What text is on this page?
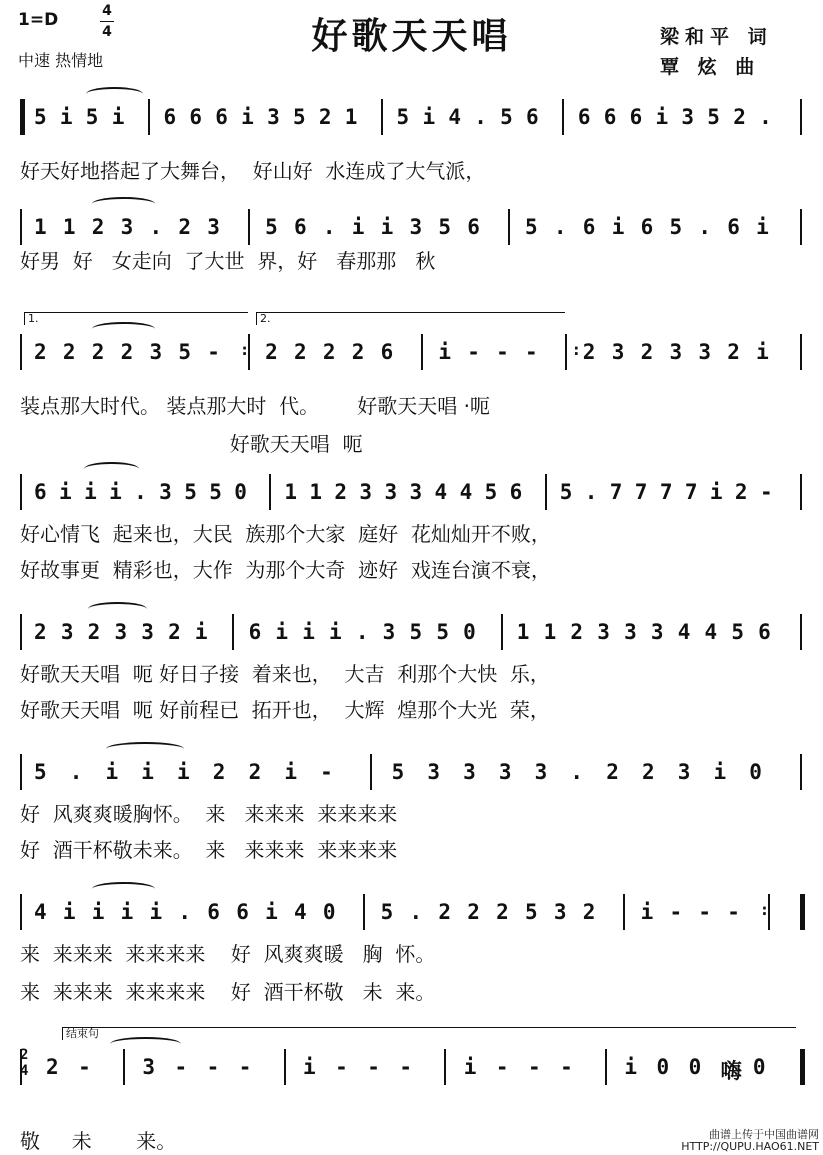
好歌天天唱
1=D	4
4
中速 热情地
梁和平 词
覃 炫 曲
5 i 5 i 6 6 6 i 3 5 2 1 5 i 4 . 5 6 6 6 6 i 3 5 2 .
好天好地搭起了大舞台，  好山好  水连成了大气派，
1 1 2 3 . 2 3 5 6 . i i 3 5 6 5 . 6 i 6 5 . 6 i
好男  好   女走向  了大世  界，好   春那那   秋
2 2 2 2 3 5 - : 2 2 2 2 6 i - - - : 2 3 2 3 3 2 i
1.	2.
装点那大时代。 装点那大时  代。      好歌天天唱 ·呃
好歌天天唱  呃
6 i i i . 3 5 5 0 1 1 2 3 3 3 4 4 5 6 5 . 7 7 7 7 i 2 -
好心情飞  起来也，大民  族那个大家  庭好  花灿灿开不败，
好故事更  精彩也，大作  为那个大奇  迹好  戏连台演不衰，
2 3 2 3 3 2 i 6 i i i . 3 5 5 0 1 1 2 3 3 3 4 4 5 6
好歌天天唱  呃 好日子接  着来也，  大吉  利那个大快  乐，
好歌天天唱  呃 好前程已  拓开也，  大辉  煌那个大光  荣，
5 . i i i 2 2 i -	5 3 3 3 3 . 2 2 3 i 0
好  风爽爽暖胸怀。  来   来来来  来来来来
好  酒干杯敬未来。  来   来来来  来来来来
4 i i i i . 6 6 i 4 0 5 . 2 2 2 5 3 2 i - - - :
来  来来来  来来来来    好  风爽爽暖   胸  怀。
来  来来来  来来来来    好  酒干杯敬   未  来。
2
4 2 - 3 - - - i - - - i - - - i 0 0 嗨 0
结束句
敬     未       来。	曲谱上传于中国曲谱网
HTTP://QUPU.HAO61.NET
